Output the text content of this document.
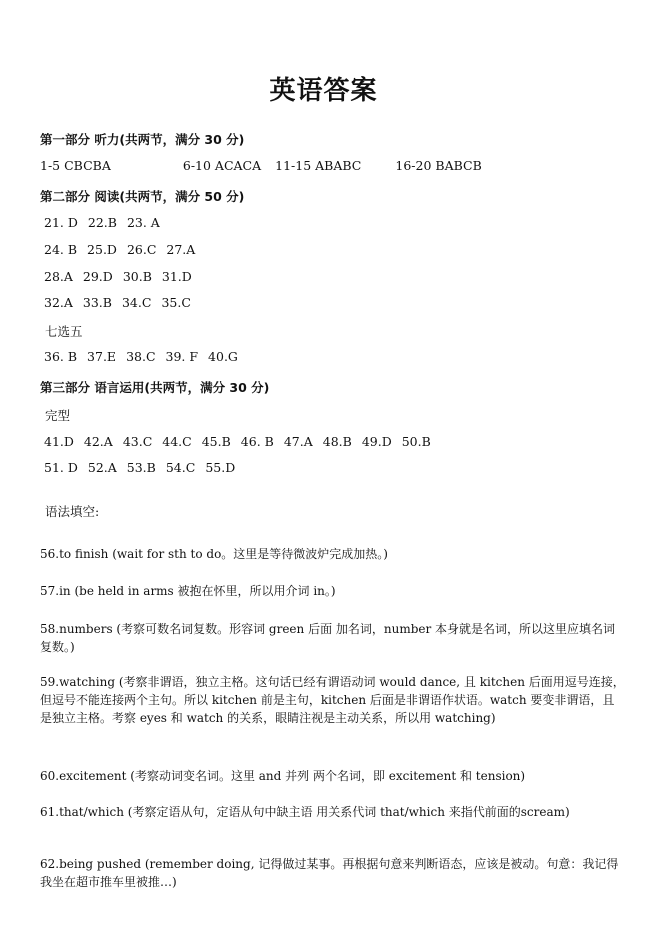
英语答案
第一部分 听力(共两节，满分 30 分)
1-5 CBCBA	6-10 ACACA 11-15 ABABC	16-20 BABCB
第二部分 阅读(共两节，满分 50 分)
21. D 22.B 23. A
24. B 25.D 26.C 27.A
28.A 29.D 30.B 31.D
32.A 33.B 34.C 35.C
七选五
36. B 37.E 38.C 39. F 40.G
第三部分 语言运用(共两节，满分 30 分)
完型
41.D 42.A 43.C 44.C 45.B 46. B 47.A 48.B 49.D 50.B
51. D 52.A 53.B 54.C 55.D
语法填空:
56.to finish (wait for sth to do。这里是等待微波炉完成加热。)
57.in (be held in arms 被抱在怀里，所以用介词 in。)
58.numbers (考察可数名词复数。形容词 green 后面 加名词，number 本身就是名词，所以这里应填名词复数。)
59.watching (考察非谓语，独立主格。这句话已经有谓语动词 would dance, 且 kitchen 后面用逗号连接，但逗号不能连接两个主句。所以 kitchen 前是主句，kitchen 后面是非谓语作状语。watch 要变非谓语，且是独立主格。考察 eyes 和 watch 的关系，眼睛注视是主动关系，所以用 watching)
60.excitement (考察动词变名词。这里 and 并列 两个名词，即 excitement 和 tension)
61.that/which (考察定语从句，定语从句中缺主语 用关系代词 that/which 来指代前面的scream)
62.being pushed (remember doing, 记得做过某事。再根据句意来判断语态，应该是被动。句意：我记得我坐在超市推车里被推…)
